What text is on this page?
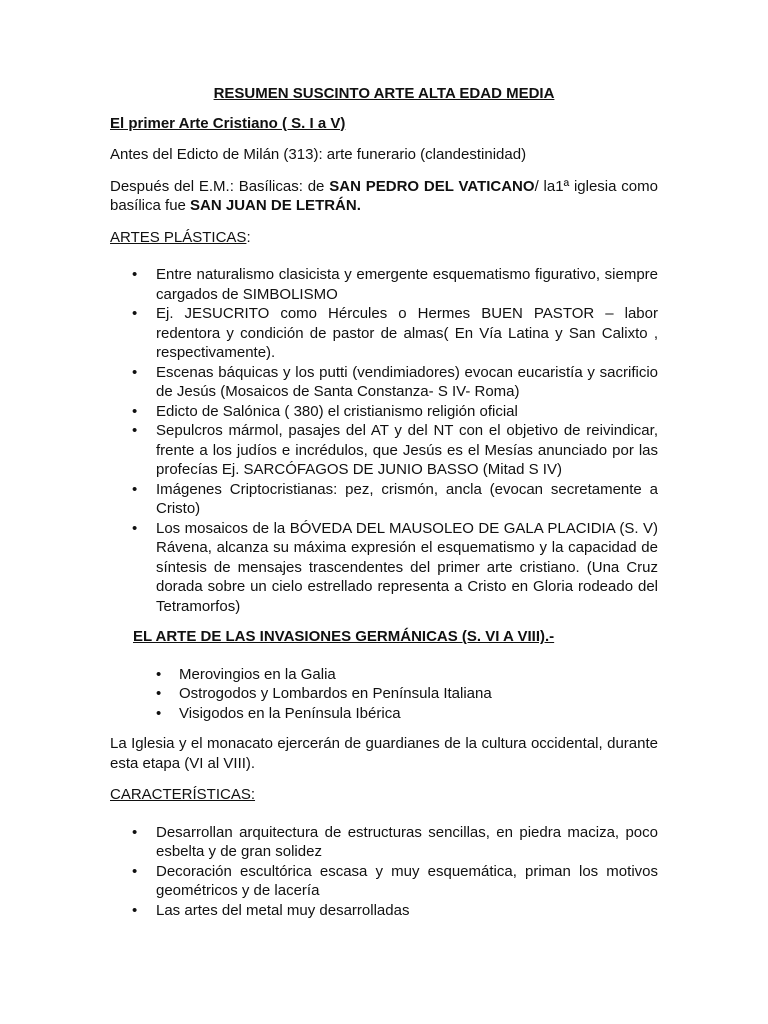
RESUMEN SUSCINTO ARTE ALTA EDAD MEDIA
El primer Arte Cristiano ( S. I a V)
Antes del Edicto de Milán (313): arte funerario (clandestinidad)
Después del E.M.: Basílicas: de SAN PEDRO DEL VATICANO/ la1ª iglesia como basílica fue SAN JUAN DE LETRÁN.
ARTES PLÁSTICAS:
• Entre naturalismo clasicista y emergente esquematismo figurativo, siempre cargados de SIMBOLISMO
• Ej. JESUCRITO como Hércules o Hermes BUEN PASTOR – labor redentora y condición de pastor de almas( En Vía Latina y San Calixto , respectivamente).
• Escenas báquicas y los putti (vendimiadores) evocan eucaristía y sacrificio de Jesús (Mosaicos de Santa Constanza- S IV- Roma)
• Edicto de Salónica ( 380) el cristianismo religión oficial
• Sepulcros mármol, pasajes del AT y del NT con el objetivo de reivindicar, frente a los judíos e incrédulos, que Jesús es el Mesías anunciado por las profecías Ej. SARCÓFAGOS DE JUNIO BASSO (Mitad S IV)
• Imágenes Criptocristianas: pez, crismón, ancla (evocan secretamente a Cristo)
• Los mosaicos de la BÓVEDA DEL MAUSOLEO DE GALA PLACIDIA (S. V) Rávena, alcanza su máxima expresión el esquematismo y la capacidad de síntesis de mensajes trascendentes del primer arte cristiano. (Una Cruz dorada sobre un cielo estrellado representa a Cristo en Gloria rodeado del Tetramorfos)
EL ARTE DE LAS INVASIONES GERMÁNICAS (S. VI A VIII).-
• Merovingios en la Galia
• Ostrogodos y Lombardos en Península Italiana
• Visigodos en la Península Ibérica
La Iglesia y el monacato ejercerán de guardianes de la cultura occidental, durante esta etapa (VI al VIII).
CARACTERÍSTICAS:
• Desarrollan arquitectura de estructuras sencillas, en piedra maciza, poco esbelta y de gran solidez
• Decoración escultórica escasa y muy esquemática, priman los motivos geométricos y de lacería
• Las artes del metal muy desarrolladas
